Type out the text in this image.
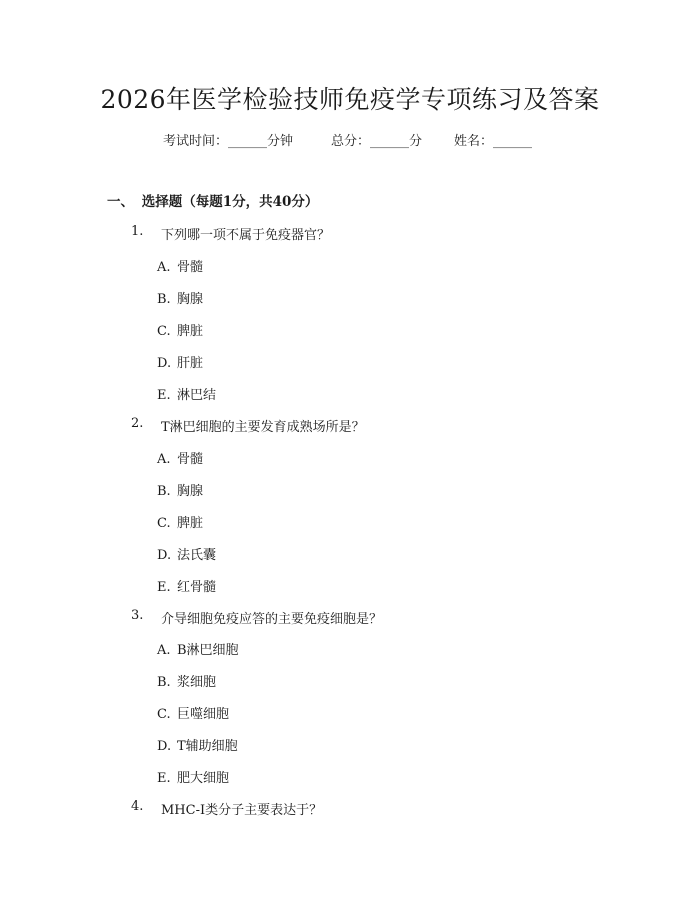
2026年医学检验技师免疫学专项练习及答案
考试时间：______分钟	总分：______分 姓名：______
一、 选择题（每题1分，共40分）
1. 下列哪一项不属于免疫器官？
A. 骨髓
B. 胸腺
C. 脾脏
D. 肝脏
E. 淋巴结
2. T淋巴细胞的主要发育成熟场所是？
A. 骨髓
B. 胸腺
C. 脾脏
D. 法氏囊
E. 红骨髓
3. 介导细胞免疫应答的主要免疫细胞是？
A. B淋巴细胞
B. 浆细胞
C. 巨噬细胞
D. T辅助细胞
E. 肥大细胞
4. MHC-I类分子主要表达于？
